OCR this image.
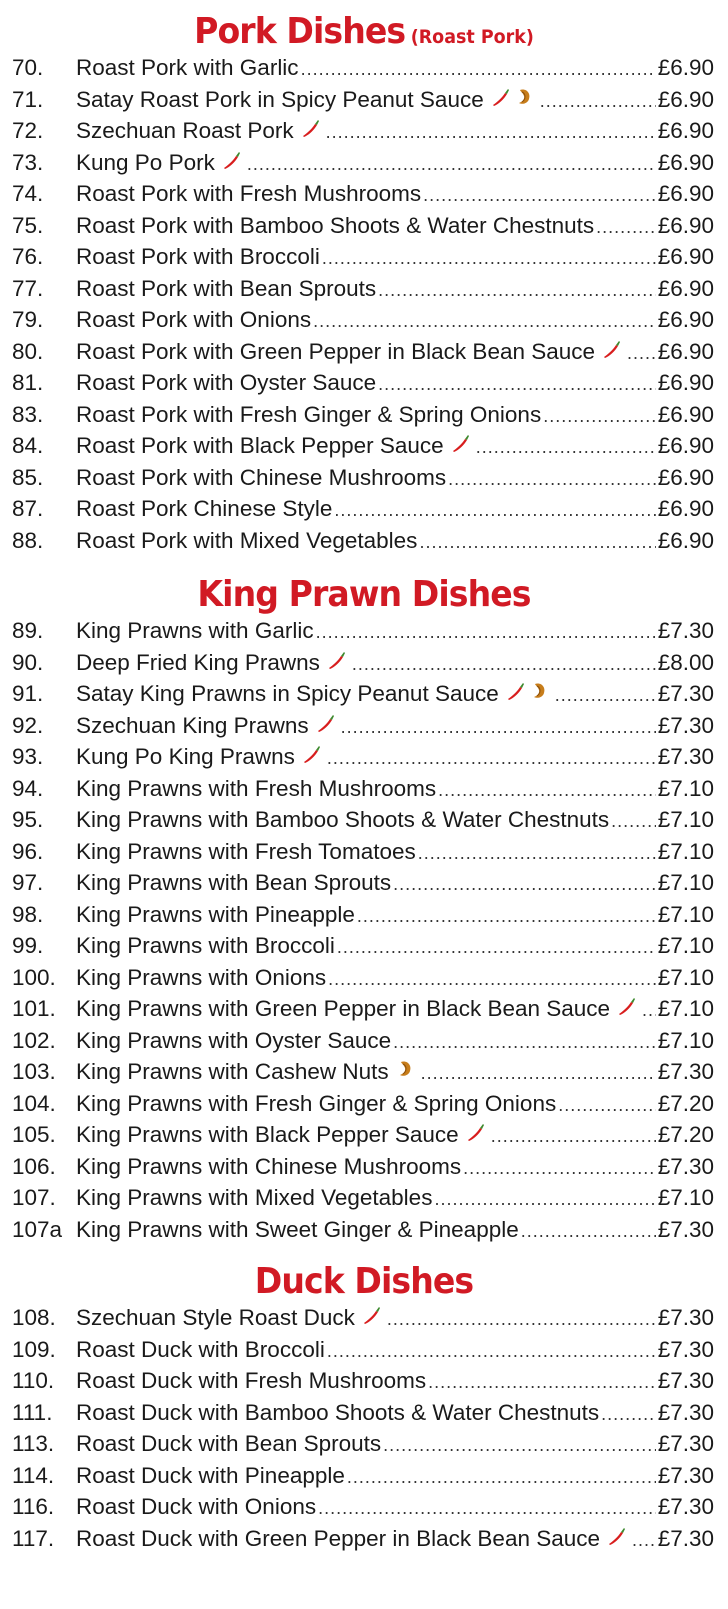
Pork Dishes (Roast Pork)
70. Roast Pork with Garlic .....	£6.90
71. Satay Roast Pork in Spicy Peanut Sauce .....	£6.90
72. Szechuan Roast Pork .....	£6.90
73. Kung Po Pork .....	£6.90
74. Roast Pork with Fresh Mushrooms .....	£6.90
75. Roast Pork with Bamboo Shoots & Water Chestnuts .....	£6.90
76. Roast Pork with Broccoli .....	£6.90
77. Roast Pork with Bean Sprouts .....	£6.90
79. Roast Pork with Onions .....	£6.90
80. Roast Pork with Green Pepper in Black Bean Sauce .....	£6.90
81. Roast Pork with Oyster Sauce .....	£6.90
83. Roast Pork with Fresh Ginger & Spring Onions .....	£6.90
84. Roast Pork with Black Pepper Sauce .....	£6.90
85. Roast Pork with Chinese Mushrooms .....	£6.90
87. Roast Pork Chinese Style .....	£6.90
88. Roast Pork with Mixed Vegetables .....	£6.90
King Prawn Dishes
89. King Prawns with Garlic .....	£7.30
90. Deep Fried King Prawns .....	£8.00
91. Satay King Prawns in Spicy Peanut Sauce .....	£7.30
92. Szechuan King Prawns .....	£7.30
93. Kung Po King Prawns .....	£7.30
94. King Prawns with Fresh Mushrooms .....	£7.10
95. King Prawns with Bamboo Shoots & Water Chestnuts ..... £7.10
96. King Prawns with Fresh Tomatoes .....	£7.10
97. King Prawns with Bean Sprouts .....	£7.10
98. King Prawns with Pineapple .....	£7.10
99. King Prawns with Broccoli .....	£7.10
100. King Prawns with Onions .....	£7.10
101. King Prawns with Green Pepper in Black Bean Sauce ..... £7.10
102. King Prawns with Oyster Sauce .....	£7.10
103. King Prawns with Cashew Nuts .....	£7.30
104. King Prawns with Fresh Ginger & Spring Onions .....	£7.20
105. King Prawns with Black Pepper Sauce .....	£7.20
106. King Prawns with Chinese Mushrooms .....	£7.30
107. King Prawns with Mixed Vegetables .....	£7.10
107a King Prawns with Sweet Ginger & Pineapple .....	£7.30
Duck Dishes
108. Szechuan Style Roast Duck .....	£7.30
109. Roast Duck with Broccoli .....	£7.30
110. Roast Duck with Fresh Mushrooms .....	£7.30
111. Roast Duck with Bamboo Shoots & Water Chestnuts .....	£7.30
113. Roast Duck with Bean Sprouts .....	£7.30
114. Roast Duck with Pineapple .....	£7.30
116. Roast Duck with Onions .....	£7.30
117. Roast Duck with Green Pepper in Black Bean Sauce .....	£7.30
